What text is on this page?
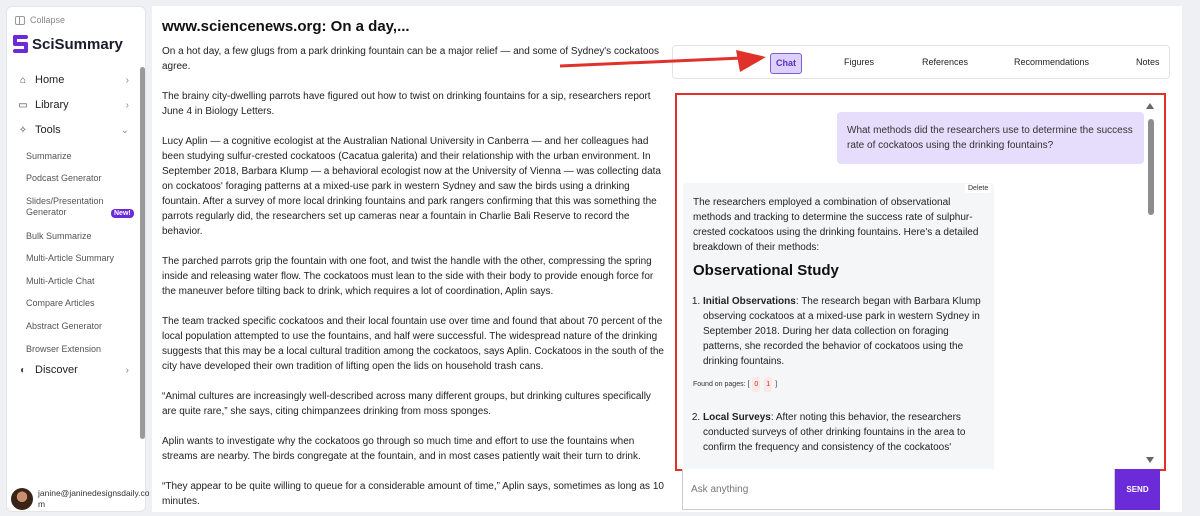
Collapse
SciSummary
⌂ Home	›
▭ Library	›
✧ Tools	⌄
Summarize
Podcast Generator
Slides/Presentation Generator	New!
Bulk Summarize
Multi-Article Summary
Multi-Article Chat
Compare Articles
Abstract Generator
Browser Extension
◐ Discover	›
janine@janinedesignsdaily.com
www.sciencenews.org: On a day,...

On a hot day, a few glugs from a park drinking fountain can be a major relief — and some of Sydney's cockatoos agree.

The brainy city-dwelling parrots have figured out how to twist on drinking fountains for a sip, researchers report June 4 in Biology Letters.

Lucy Aplin — a cognitive ecologist at the Australian National University in Canberra — and her colleagues had been studying sulfur-crested cockatoos (Cacatua galerita) and their relationship with the urban environment. In September 2018, Barbara Klump — a behavioral ecologist now at the University of Vienna — was collecting data on cockatoos' foraging patterns at a mixed-use park in western Sydney and saw the birds using a drinking fountain. After a survey of more local drinking fountains and park rangers confirming that this was something the parrots regularly did, the researchers set up cameras near a fountain in Charlie Bali Reserve to record the behavior.

The parched parrots grip the fountain with one foot, and twist the handle with the other, compressing the spring inside and releasing water flow. The cockatoos must lean to the side with their body to provide enough force for the maneuver before tilting back to drink, which requires a lot of coordination, Aplin says.

The team tracked specific cockatoos and their local fountain use over time and found that about 70 percent of the local population attempted to use the fountains, and half were successful. The widespread nature of the drinking suggests that this may be a local cultural tradition among the cockatoos, says Aplin. Cockatoos in the south of the city have developed their own tradition of lifting open the lids on household trash cans.

“Animal cultures are increasingly well-described across many different groups, but drinking cultures specifically are quite rare,” she says, citing chimpanzees drinking from moss sponges.

Aplin wants to investigate why the cockatoos go through so much time and effort to use the fountains when streams are nearby. The birds congregate at the fountain, and in most cases patiently wait their turn to drink.

“They appear to be quite willing to queue for a considerable amount of time,” Aplin says, sometimes as long as 10 minutes.

Chat	Figures	References	Recommendations	Notes
What methods did the researchers use to determine the success rate of cockatoos using the drinking fountains?
The researchers employed a combination of observational methods and tracking to determine the success rate of sulphur-crested cockatoos using the drinking fountains. Here's a detailed breakdown of their methods:
Observational Study
1. Initial Observations: The research began with Barbara Klump observing cockatoos at a mixed-use park in western Sydney in September 2018. During her data collection on foraging patterns, she recorded the behavior of cockatoos using the drinking fountains.
Found on pages: [ 0 1 ]
2. Local Surveys: After noting this behavior, the researchers conducted surveys of other drinking fountains in the area to confirm the frequency and consistency of the cockatoos'
Delete
Ask anything
SEND
